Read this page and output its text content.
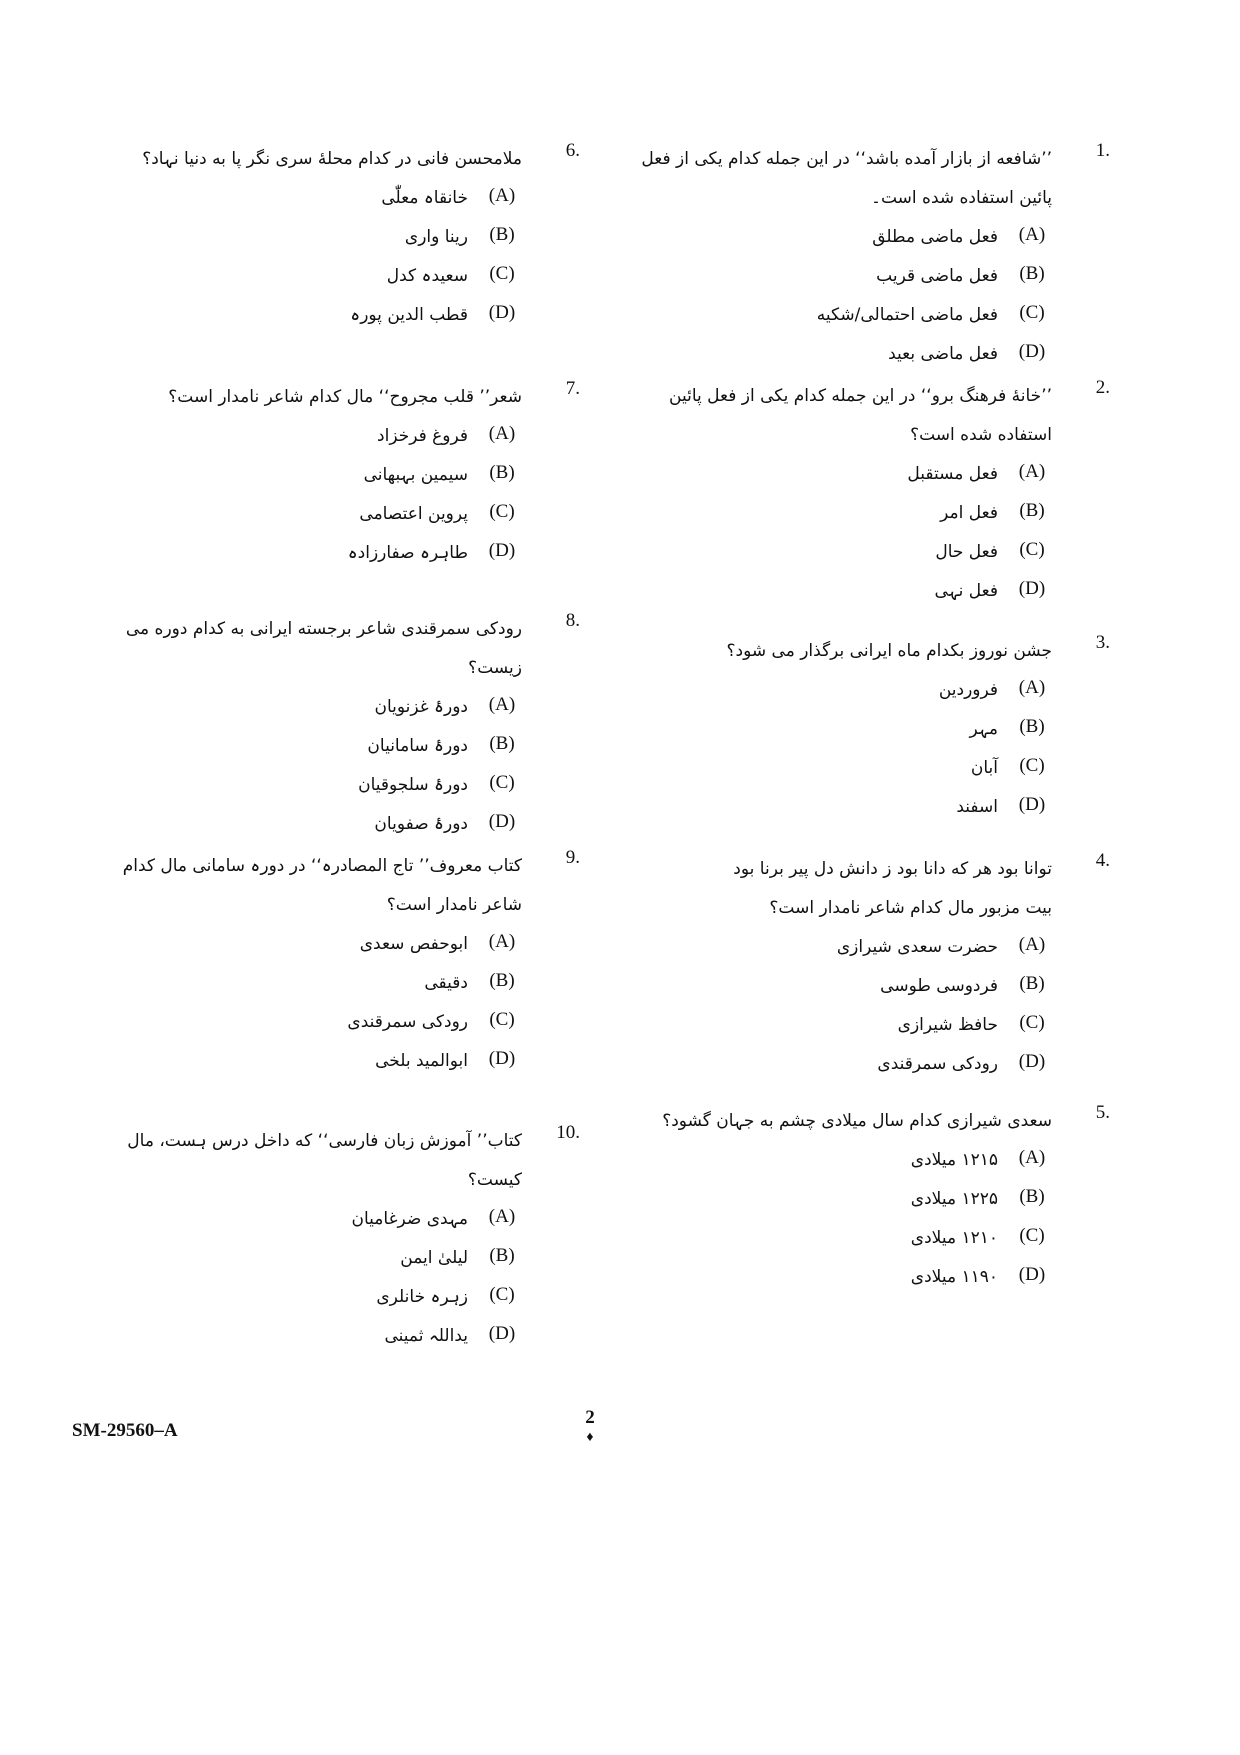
1.
’’شافعه از بازار آمده باشد‘‘ در این جمله کدام یکی از فعل پائین استفاده شده است۔
(A)
فعل ماضی مطلق
(B)
فعل ماضی قریب
(C)
فعل ماضی احتمالی/شکیه
(D)
فعل ماضی بعید
2.
’’خانهٔ فرهنگ برو‘‘ در این جمله کدام یکی از فعل پائین استفاده شده است؟
(A)
فعل مستقبل
(B)
فعل امر
(C)
فعل حال
(D)
فعل نہی
3.
جشن نوروز بکدام ماه ایرانی برگذار می شود؟
(A)
فروردین
(B)
مہر
(C)
آبان
(D)
اسفند
4.
توانا بود هر که دانا بود ز دانش دل پیر برنا بود
بیت مزبور مال کدام شاعر نامدار است؟
(A)
حضرت سعدی شیرازی
(B)
فردوسی طوسی
(C)
حافظ شیرازی
(D)
رودکی سمرقندی
5.
سعدی شیرازی کدام سال میلادی چشم به جہان گشود؟
(A)
۱۲۱۵ میلادی
(B)
۱۲۲۵ میلادی
(C)
۱۲۱۰ میلادی
(D)
۱۱۹۰ میلادی
6.
ملامحسن فانی در کدام محلهٔ سری نگر پا به دنیا نہاد؟
(A)
خانقاہ معلّٰی
(B)
رینا واری
(C)
سعیدہ کدل
(D)
قطب الدین پورہ
7.
شعر’’ قلب مجروح‘‘ مال کدام شاعر نامدار است؟
(A)
فروغ فرخزاد
(B)
سیمین بہبھانی
(C)
پروین اعتصامی
(D)
طاہرہ صفارزادہ
8.
رودکی سمرقندی شاعر برجسته ایرانی به کدام دوره می زیست؟
(A)
دورۂ غزنویان
(B)
دورۂ سامانیان
(C)
دورۂ سلجوقیان
(D)
دورۂ صفویان
9.
کتاب معروف’’ تاج المصادرہ‘‘ در دورہ سامانی مال کدام شاعر نامدار است؟
(A)
ابوحفص سعدی
(B)
دقیقی
(C)
رودکی سمرقندی
(D)
ابوالمید بلخی
10.
کتاب’’ آموزش زبان فارسی‘‘ که داخل درس ہست، مال کیست؟
(A)
مہدی ضرغامیان
(B)
لیلیٰ ایمن
(C)
زہرہ خانلری
(D)
یداللہ ثمینی
SM-29560–A
2
♦
